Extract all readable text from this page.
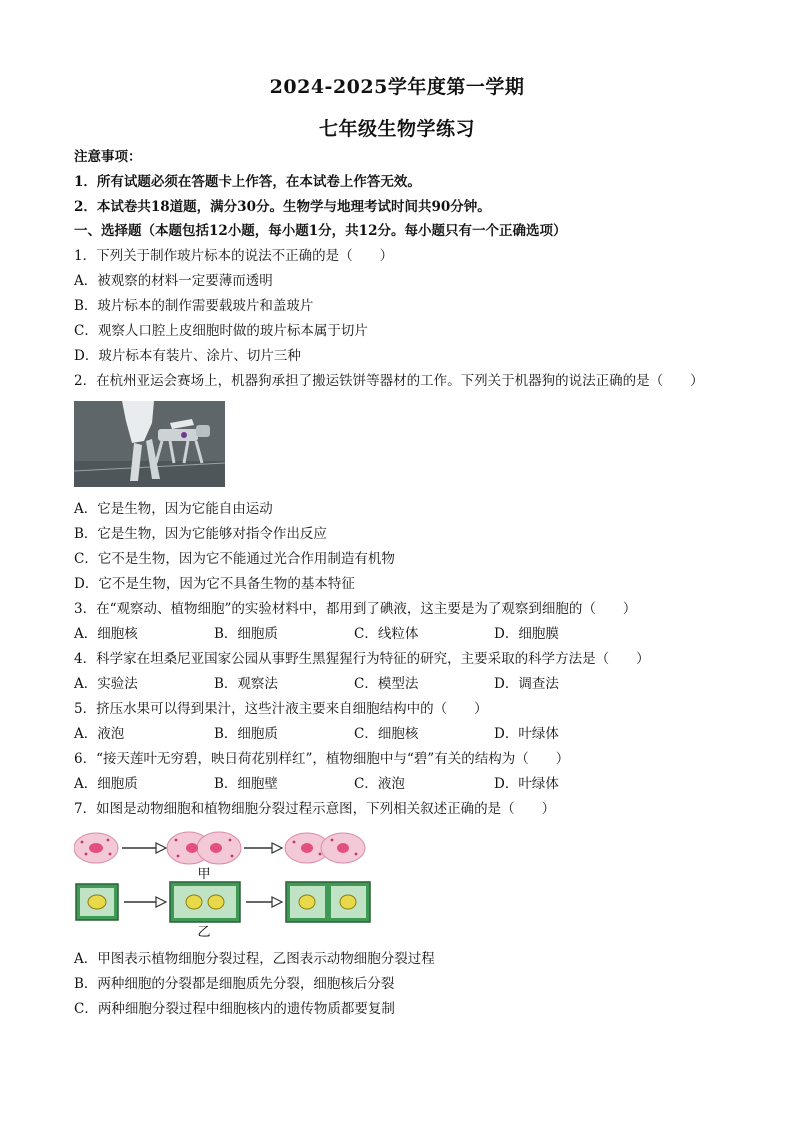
2024-2025学年度第一学期
七年级生物学练习
注意事项：
1．所有试题必须在答题卡上作答，在本试卷上作答无效。
2．本试卷共18道题，满分30分。生物学与地理考试时间共90分钟。
一、选择题（本题包括12小题，每小题1分，共12分。每小题只有一个正确选项）
1．下列关于制作玻片标本的说法不正确的是（　　）
A．被观察的材料一定要薄而透明
B．玻片标本的制作需要载玻片和盖玻片
C．观察人口腔上皮细胞时做的玻片标本属于切片
D．玻片标本有装片、涂片、切片三种
2．在杭州亚运会赛场上，机器狗承担了搬运铁饼等器材的工作。下列关于机器狗的说法正确的是（　　）
A．它是生物，因为它能自由运动
B．它是生物，因为它能够对指令作出反应
C．它不是生物，因为它不能通过光合作用制造有机物
D．它不是生物，因为它不具备生物的基本特征
3．在“观察动、植物细胞”的实验材料中，都用到了碘液，这主要是为了观察到细胞的（　　）
A．细胞核	B．细胞质	C．线粒体	D．细胞膜
4．科学家在坦桑尼亚国家公园从事野生黑猩猩行为特征的研究，主要采取的科学方法是（　　）
A．实验法	B．观察法	C．模型法	D．调查法
5．挤压水果可以得到果汁，这些汁液主要来自细胞结构中的（　　）
A．液泡	B．细胞质	C．细胞核	D．叶绿体
6．“接天莲叶无穷碧，映日荷花别样红”，植物细胞中与“碧”有关的结构为（　　）
A．细胞质	B．细胞壁	C．液泡	D．叶绿体
7．如图是动物细胞和植物细胞分裂过程示意图，下列相关叙述正确的是（　　）
甲
乙
A．甲图表示植物细胞分裂过程，乙图表示动物细胞分裂过程
B．两种细胞的分裂都是细胞质先分裂，细胞核后分裂
C．两种细胞分裂过程中细胞核内的遗传物质都要复制
